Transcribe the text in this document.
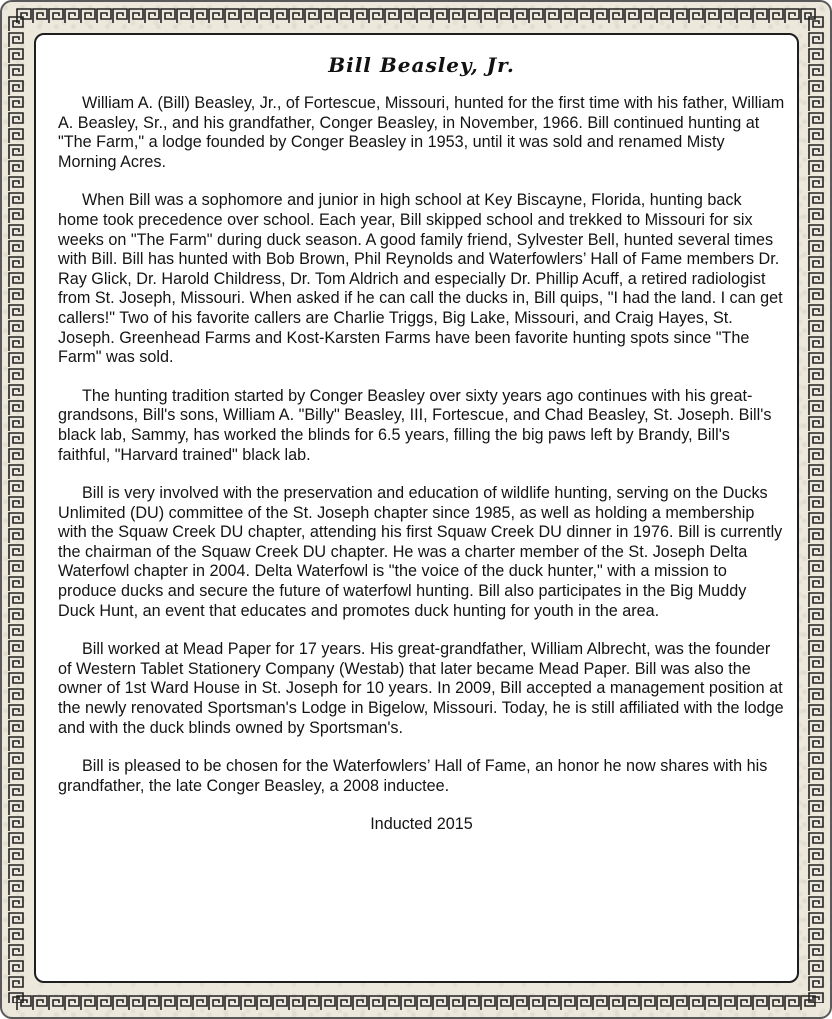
Bill Beasley, Jr.

William A. (Bill) Beasley, Jr., of Fortescue, Missouri, hunted for the first time with his father, William A. Beasley, Sr., and his grandfather, Conger Beasley, in November, 1966. Bill continued hunting at "The Farm," a lodge founded by Conger Beasley in 1953, until it was sold and renamed Misty Morning Acres.

When Bill was a sophomore and junior in high school at Key Biscayne, Florida, hunting back home took precedence over school. Each year, Bill skipped school and trekked to Missouri for six weeks on "The Farm" during duck season. A good family friend, Sylvester Bell, hunted several times with Bill. Bill has hunted with Bob Brown, Phil Reynolds and Waterfowlers’ Hall of Fame members Dr. Ray Glick, Dr. Harold Childress, Dr. Tom Aldrich and especially Dr. Phillip Acuff, a retired radiologist from St. Joseph, Missouri. When asked if he can call the ducks in, Bill quips, "I had the land. I can get callers!" Two of his favorite callers are Charlie Triggs, Big Lake, Missouri, and Craig Hayes, St. Joseph. Greenhead Farms and Kost-Karsten Farms have been favorite hunting spots since "The Farm" was sold.

The hunting tradition started by Conger Beasley over sixty years ago continues with his great-grandsons, Bill's sons, William A. "Billy" Beasley, III, Fortescue, and Chad Beasley, St. Joseph. Bill's black lab, Sammy, has worked the blinds for 6.5 years, filling the big paws left by Brandy, Bill's faithful, "Harvard trained" black lab.

Bill is very involved with the preservation and education of wildlife hunting, serving on the Ducks Unlimited (DU) committee of the St. Joseph chapter since 1985, as well as holding a membership with the Squaw Creek DU chapter, attending his first Squaw Creek DU dinner in 1976. Bill is currently the chairman of the Squaw Creek DU chapter. He was a charter member of the St. Joseph Delta Waterfowl chapter in 2004. Delta Waterfowl is "the voice of the duck hunter," with a mission to produce ducks and secure the future of waterfowl hunting. Bill also participates in the Big Muddy Duck Hunt, an event that educates and promotes duck hunting for youth in the area.

Bill worked at Mead Paper for 17 years. His great-grandfather, William Albrecht, was the founder of Western Tablet Stationery Company (Westab) that later became Mead Paper. Bill was also the owner of 1st Ward House in St. Joseph for 10 years. In 2009, Bill accepted a management position at the newly renovated Sportsman's Lodge in Bigelow, Missouri. Today, he is still affiliated with the lodge and with the duck blinds owned by Sportsman's.

Bill is pleased to be chosen for the Waterfowlers’ Hall of Fame, an honor he now shares with his grandfather, the late Conger Beasley, a 2008 inductee.

Inducted 2015
